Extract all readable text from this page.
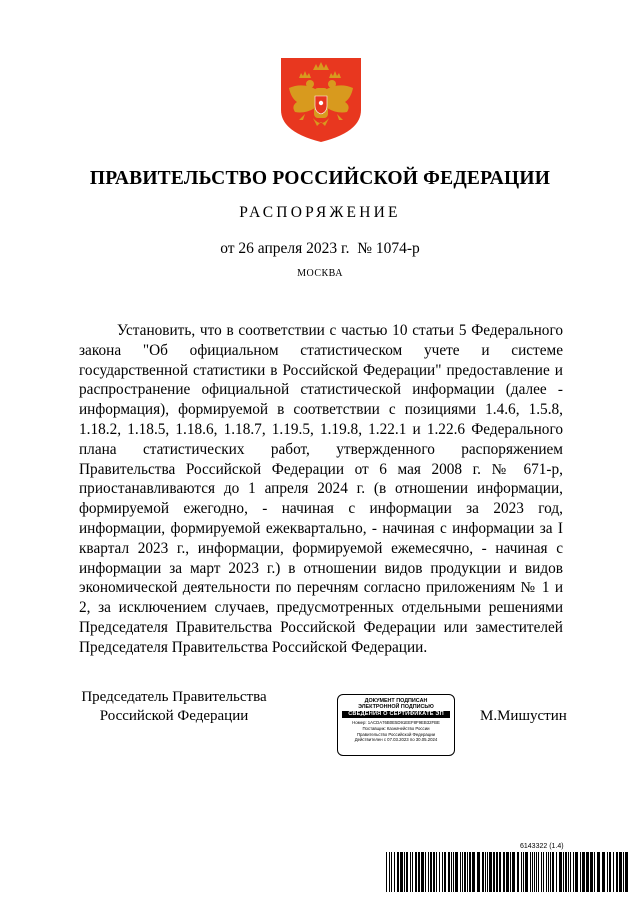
ПРАВИТЕЛЬСТВО РОССИЙСКОЙ ФЕДЕРАЦИИ
РАСПОРЯЖЕНИЕ
от 26 апреля 2023 г.  № 1074-р
МОСКВА

Установить, что в соответствии с частью 10 статьи 5 Федерального закона "Об официальном статистическом учете и системе государственной статистики в Российской Федерации" предоставление и распространение официальной статистической информации (далее - информация), формируемой в соответствии с позициями 1.4.6, 1.5.8, 1.18.2, 1.18.5, 1.18.6, 1.18.7, 1.19.5, 1.19.8, 1.22.1 и 1.22.6 Федерального плана статистических работ, утвержденного распоряжением Правительства Российской Федерации от 6 мая 2008 г. № 671-р, приостанавливаются до 1 апреля 2024 г. (в отношении информации, формируемой ежегодно, - начиная с информации за 2023 год, информации, формируемой ежеквартально, - начиная с информации за I квартал 2023 г., информации, формируемой ежемесячно, - начиная с информации за март 2023 г.) в отношении видов продукции и видов экономической деятельности по перечням согласно приложениям № 1 и 2, за исключением случаев, предусмотренных отдельными решениями Председателя Правительства Российской Федерации или заместителей Председателя Правительства Российской Федерации.

Председатель Правительства
Российской Федерации
ДОКУМЕНТ ПОДПИСАН
ЭЛЕКТРОННОЙ ПОДПИСЬЮ
СВЕДЕНИЯ О СЕРТИФИКАТЕ ЭП
Номер: 1ACDA76B0E5D91EEF8F9EB32FBE
Поставщик: Казначейство России
Правительство Российской Федерации
Действителен с 07.03.2023 по 30.05.2024
М.Мишустин
6143322 (1.4)
